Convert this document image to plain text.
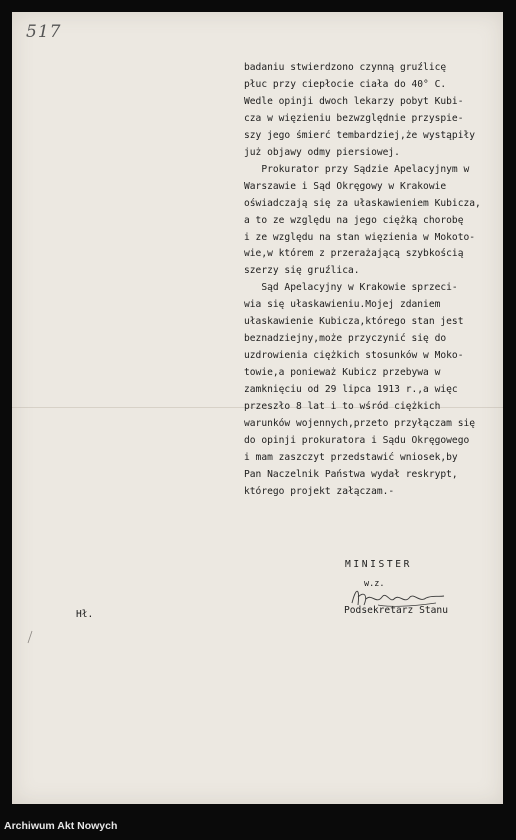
517
badaniu stwierdzono czynną gruźlicę
płuc przy ciepłocie ciała do 40° C.
Wedle opinji dwoch lekarzy pobyt Kubi-
cza w więzieniu bezwzględnie przyspie-
szy jego śmierć tembardziej,że wystąpiły
już objawy odmy piersiowej.
Prokurator przy Sądzie Apelacyjnym w
Warszawie i Sąd Okręgowy w Krakowie
oświadczają się za ułaskawieniem Kubicza,
a to ze względu na jego ciężką chorobę
i ze względu na stan więzienia w Mokoto-
wie,w którem z przerażającą szybkością
szerzy się gruźlica.
Sąd Apelacyjny w Krakowie sprzeci-
wia się ułaskawieniu.Mojej zdaniem
ułaskawienie Kubicza,którego stan jest
beznadziejny,może przyczynić się do
uzdrowienia ciężkich stosunków w Moko-
towie,a ponieważ Kubicz przebywa w
zamknięciu od 29 lipca 1913 r.,a więc
przeszło 8 lat i to wśród ciężkich
warunków wojennych,przeto przyłączam się
do opinji prokuratora i Sądu Okręgowego
i mam zaszczyt przedstawić wniosek,by
Pan Naczelnik Państwa wydał reskrypt,
którego projekt załączam.-
MINISTER
w.z.
Podsekretarz Stanu
Hł.
Archiwum Akt Nowych
